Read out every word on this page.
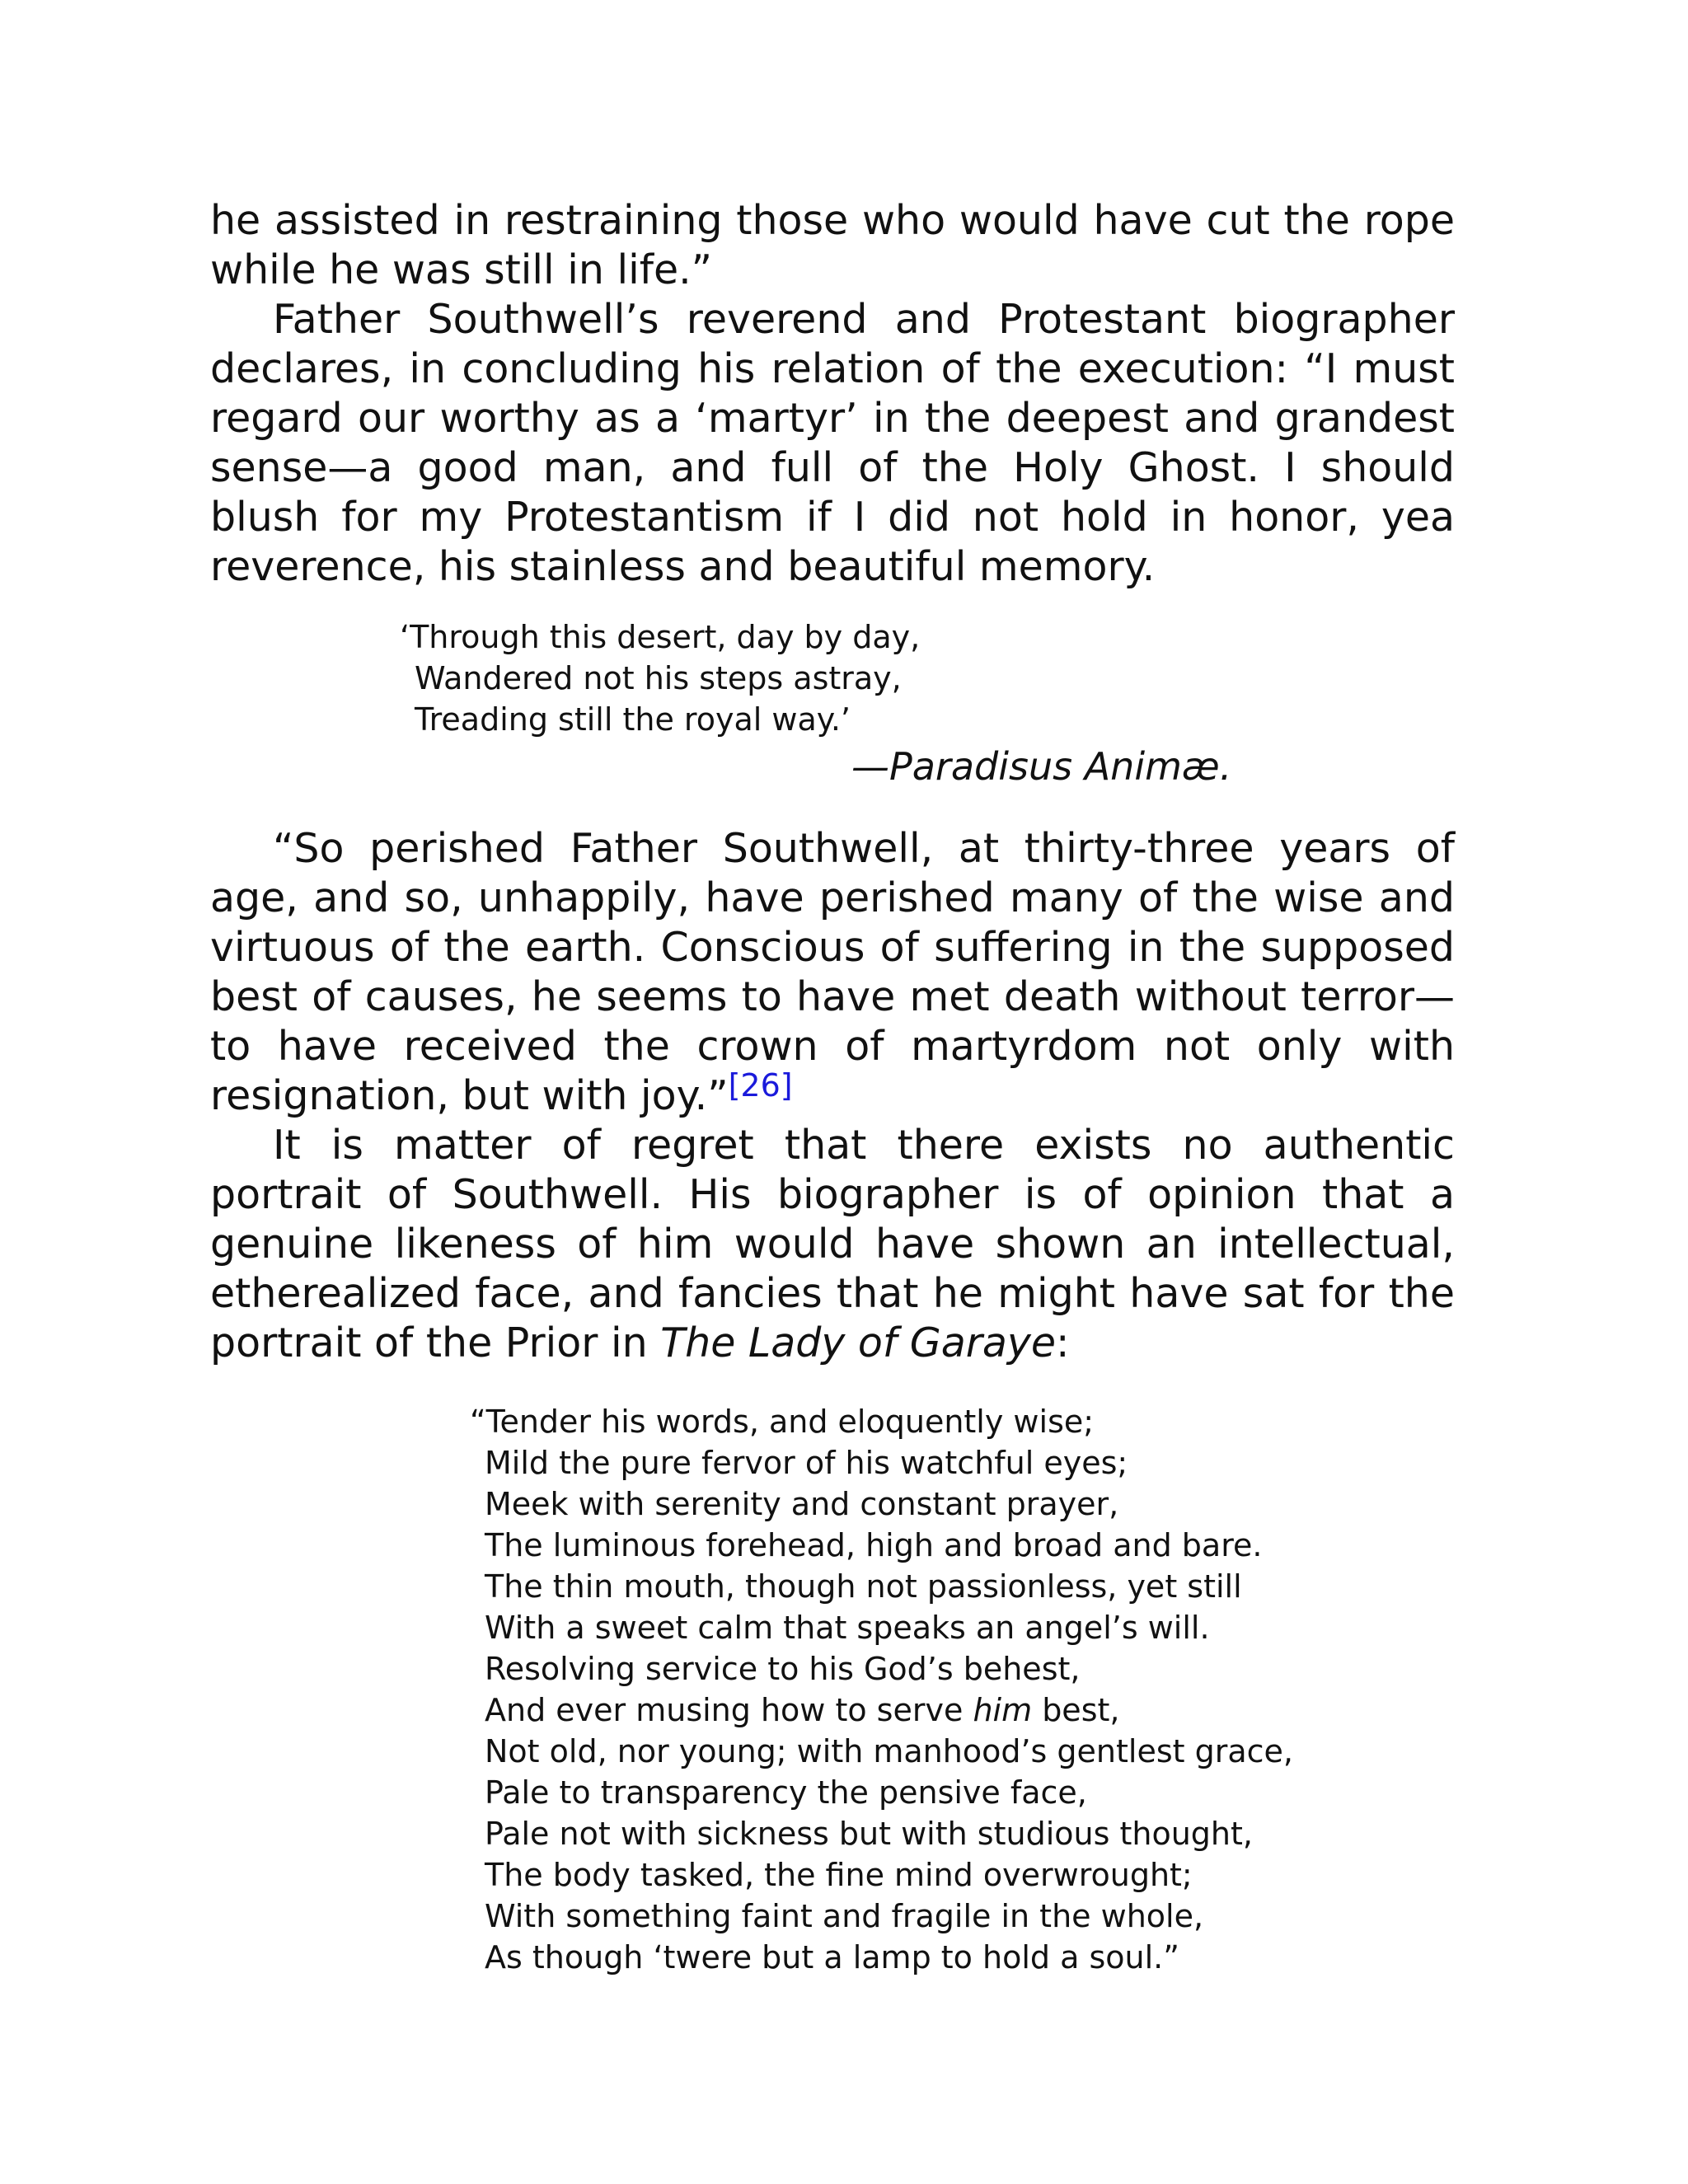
he assisted in restraining those who would have cut the rope while he was still in life.”

Father Southwell’s reverend and Protestant biographer declares, in concluding his relation of the execution: “I must regard our worthy as a ‘martyr’ in the deepest and grandest sense—a good man, and full of the Holy Ghost. I should blush for my Protestantism if I did not hold in honor, yea reverence, his stainless and beautiful memory.

‘Through this desert, day by day,
Wandered not his steps astray,
Treading still the royal way.’
—Paradisus Animæ.

“So perished Father Southwell, at thirty-three years of age, and so, unhappily, have perished many of the wise and virtuous of the earth. Conscious of suffering in the supposed best of causes, he seems to have met death without terror—to have received the crown of martyrdom not only with resignation, but with joy.”[26]

It is matter of regret that there exists no authentic portrait of Southwell. His biographer is of opinion that a genuine likeness of him would have shown an intellectual, etherealized face, and fancies that he might have sat for the portrait of the Prior in The Lady of Garaye:

“Tender his words, and eloquently wise;
Mild the pure fervor of his watchful eyes;
Meek with serenity and constant prayer,
The luminous forehead, high and broad and bare.
The thin mouth, though not passionless, yet still
With a sweet calm that speaks an angel’s will.
Resolving service to his God’s behest,
And ever musing how to serve him best,
Not old, nor young; with manhood’s gentlest grace,
Pale to transparency the pensive face,
Pale not with sickness but with studious thought,
The body tasked, the fine mind overwrought;
With something faint and fragile in the whole,
As though ‘twere but a lamp to hold a soul.”
